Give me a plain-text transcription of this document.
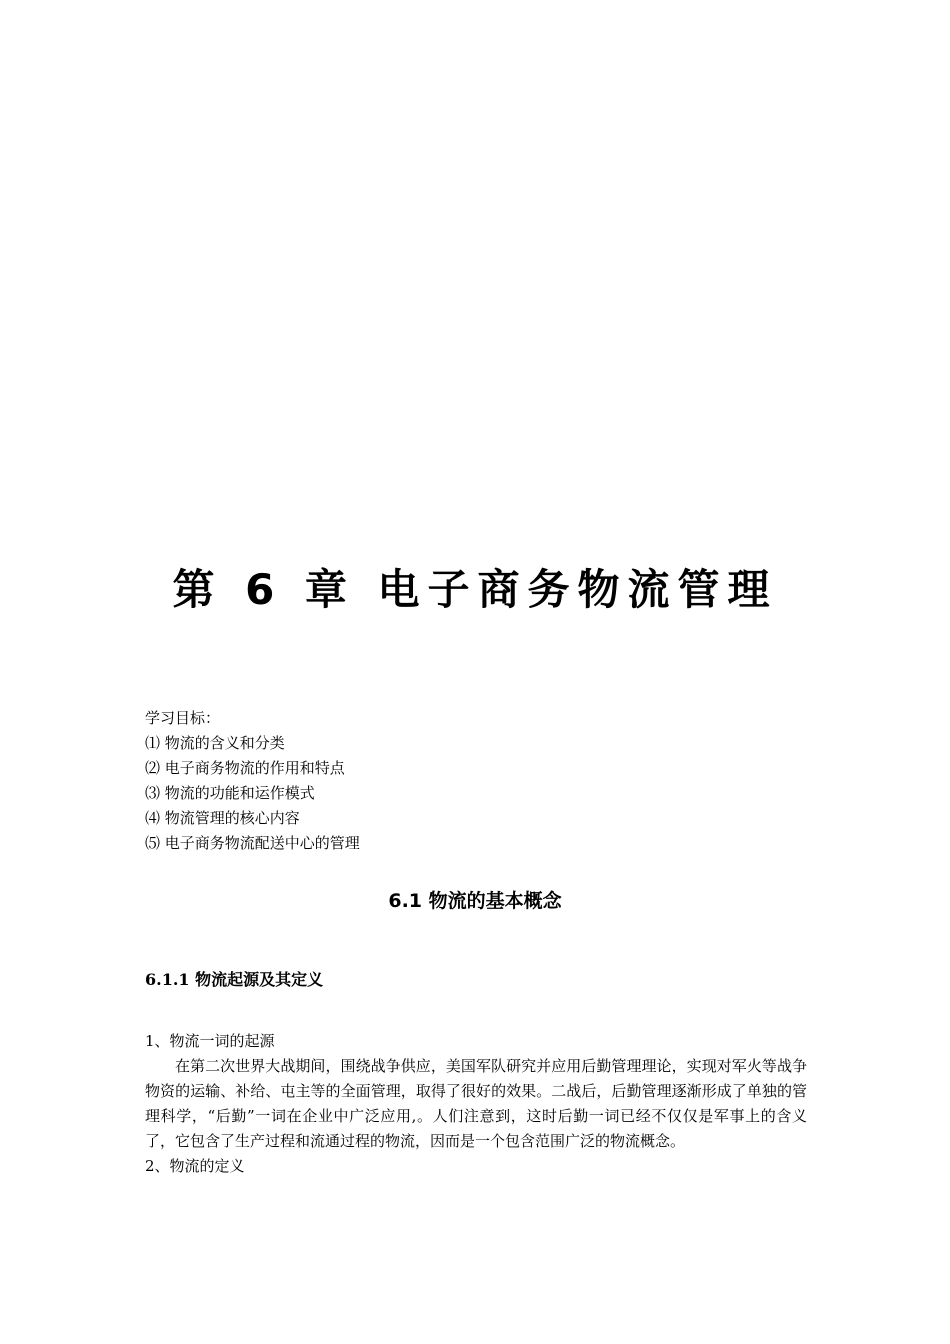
第 6 章 电子商务物流管理
学习目标：
⑴ 物流的含义和分类
⑵ 电子商务物流的作用和特点
⑶ 物流的功能和运作模式
⑷ 物流管理的核心内容
⑸ 电子商务物流配送中心的管理
6.1 物流的基本概念
6.1.1 物流起源及其定义
1、物流一词的起源

在第二次世界大战期间，围绕战争供应，美国军队研究并应用后勤管理理论，实现对军火等战争物资的运输、补给、屯主等的全面管理，取得了很好的效果。二战后，后勤管理逐渐形成了单独的管理科学，“后勤”一词在企业中广泛应用,。人们注意到，这时后勤一词已经不仅仅是军事上的含义了，它包含了生产过程和流通过程的物流，因而是一个包含范围广泛的物流概念。

2、物流的定义
